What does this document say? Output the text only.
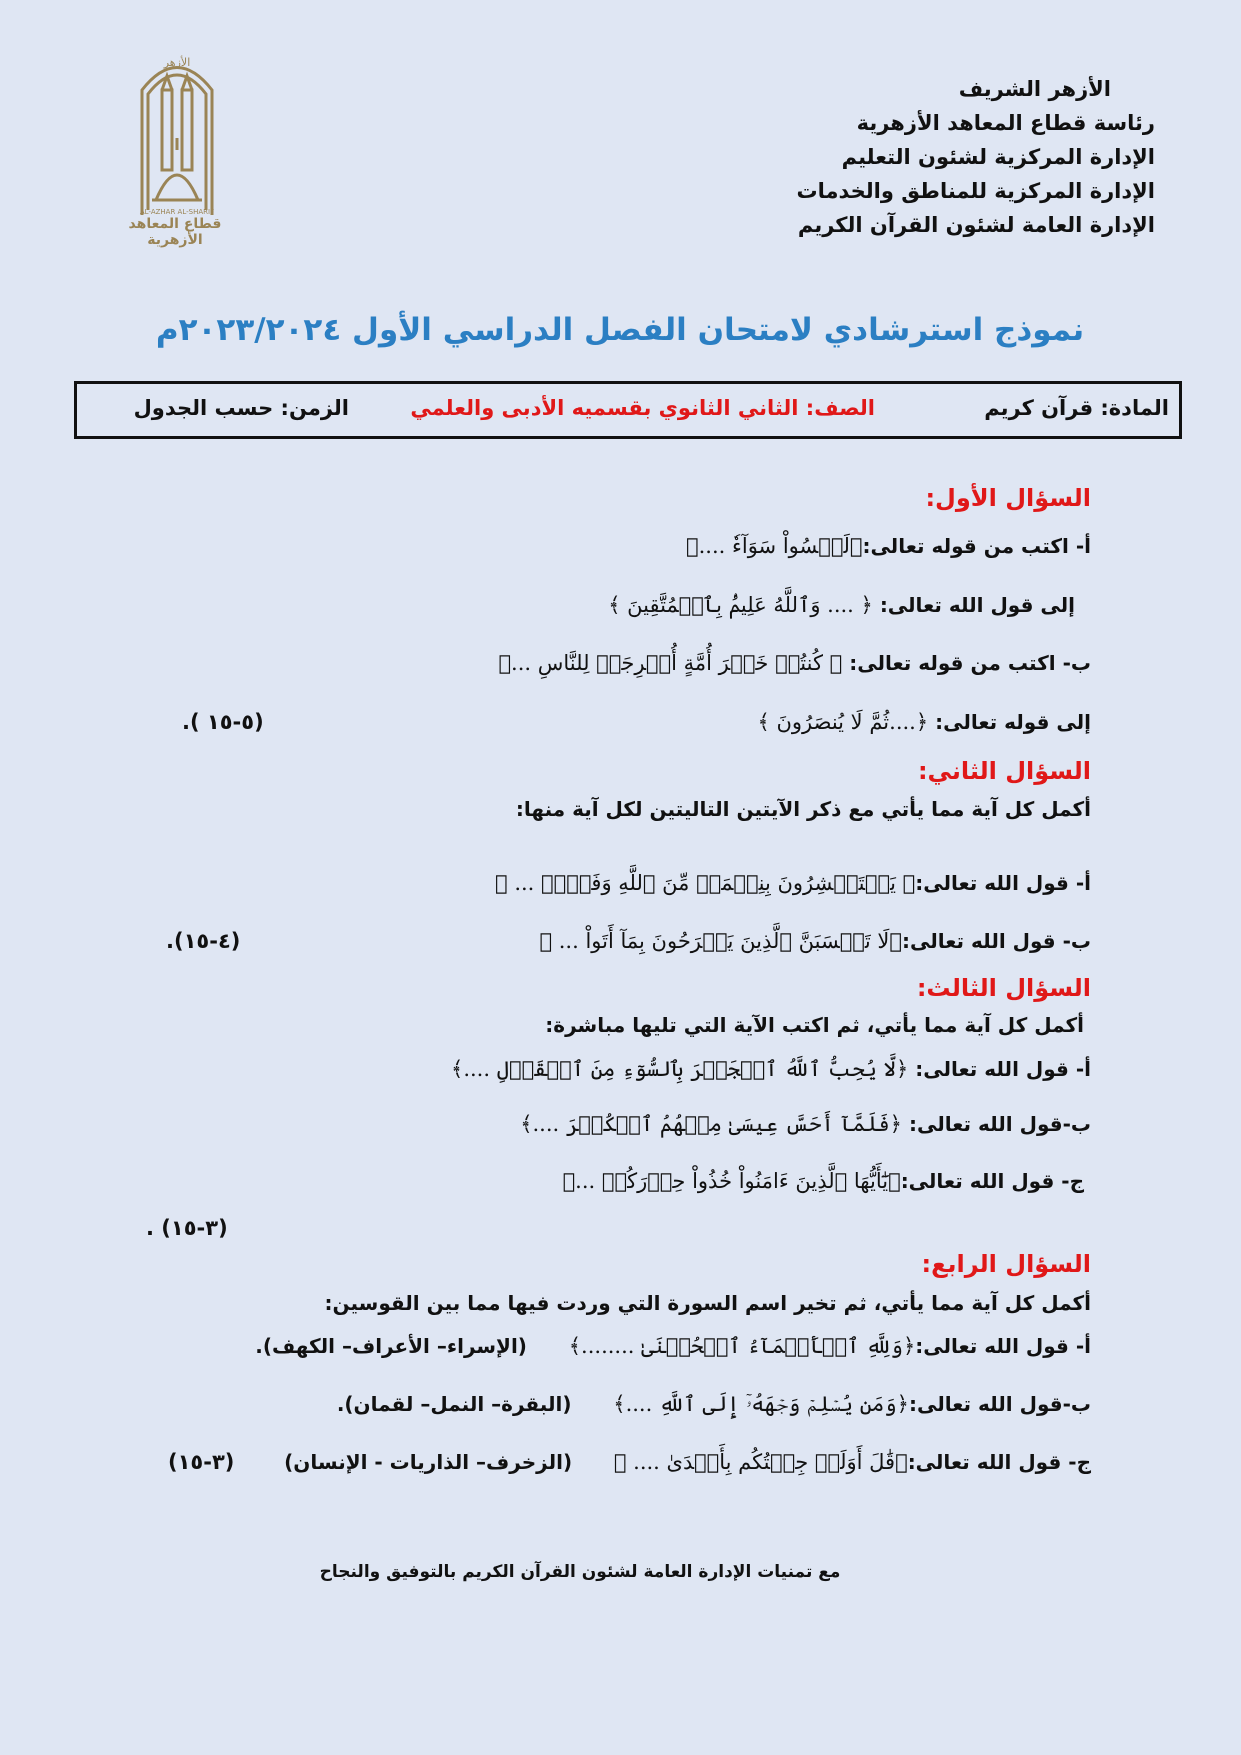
الأزهر الشريف
رئاسة قطاع المعاهد الأزهرية
الإدارة المركزية لشئون التعليم
الإدارة المركزية للمناطق والخدمات
الإدارة العامة لشئون القرآن الكريم
الأزهر
AL-AZHAR AL-SHARIF
قطاع المعاهد الأزهرية
نموذج استرشادي لامتحان الفصل الدراسي الأول ٢٠٢٣/٢٠٢٤م
المادة: قرآن كريم
الصف: الثاني الثانوي بقسميه الأدبى والعلمي
الزمن: حسب الجدول
السؤال الأول:
أ- اكتب من قوله تعالى:﴿لَيۡسُواْ سَوَآءٗ ....﴾
إلى قول الله تعالى: ﴿ .... وَٱللَّهُ عَلِيمُۢ بِٱلۡمُتَّقِينَ ﴾
ب- اكتب من قوله تعالى: ﴿ كُنتُمۡ خَيۡرَ أُمَّةٍ أُخۡرِجَتۡ لِلنَّاسِ ...﴾
إلى قوله تعالى: ﴿....ثُمَّ لَا يُنصَرُونَ ﴾
(٥-١٥ ).
السؤال الثاني:
أكمل كل آية مما يأتي مع ذكر الآيتين التاليتين لكل آية منها:
أ- قول الله تعالى:﴿ يَسۡتَبۡشِرُونَ بِنِعۡمَةٖ مِّنَ ٱللَّهِ وَفَضۡلٖ ... ﴾
ب- قول الله تعالى:﴿لَا تَحۡسَبَنَّ ٱلَّذِينَ يَفۡرَحُونَ بِمَآ أَتَواْ ... ﴾
(٤-١٥).
السؤال الثالث:
أكمل كل آية مما يأتي، ثم اكتب الآية التي تليها مباشرة:
أ- قول الله تعالى: ﴿لَّا يُحِبُّ ٱللَّهُ ٱلۡجَهۡرَ بِٱلسُّوٓءِ مِنَ ٱلۡقَوۡلِ ....﴾
ب-قول الله تعالى: ﴿فَلَمَّآ أَحَسَّ عِيسَىٰ مِنۡهُمُ ٱلۡكُفۡرَ ....﴾
ج- قول الله تعالى:﴿يَٰٓأَيُّهَا ٱلَّذِينَ ءَامَنُواْ خُذُواْ حِذۡرَكُمۡ ...﴾
(٣-١٥) .
السؤال الرابع:
أكمل كل آية مما يأتي، ثم تخير اسم السورة التي وردت فيها مما بين القوسين:
أ- قول الله تعالى:﴿وَلِلَّهِ ٱلۡأَسۡمَآءُ ٱلۡحُسۡنَىٰ ........﴾      (الإسراء– الأعراف– الكهف).
ب-قول الله تعالى:﴿وَمَن يُسۡلِمۡ وَجۡهَهُۥٓ إِلَى ٱللَّهِ ....﴾      (البقرة– النمل– لقمان).
ج- قول الله تعالى:﴿قَٰلَ أَوَلَوۡ جِئۡتُكُم بِأَهۡدَىٰ .... ﴾      (الزخرف– الذاريات - الإنسان)
(٣-١٥)
مع تمنيات الإدارة العامة لشئون القرآن الكريم بالتوفيق والنجاح
